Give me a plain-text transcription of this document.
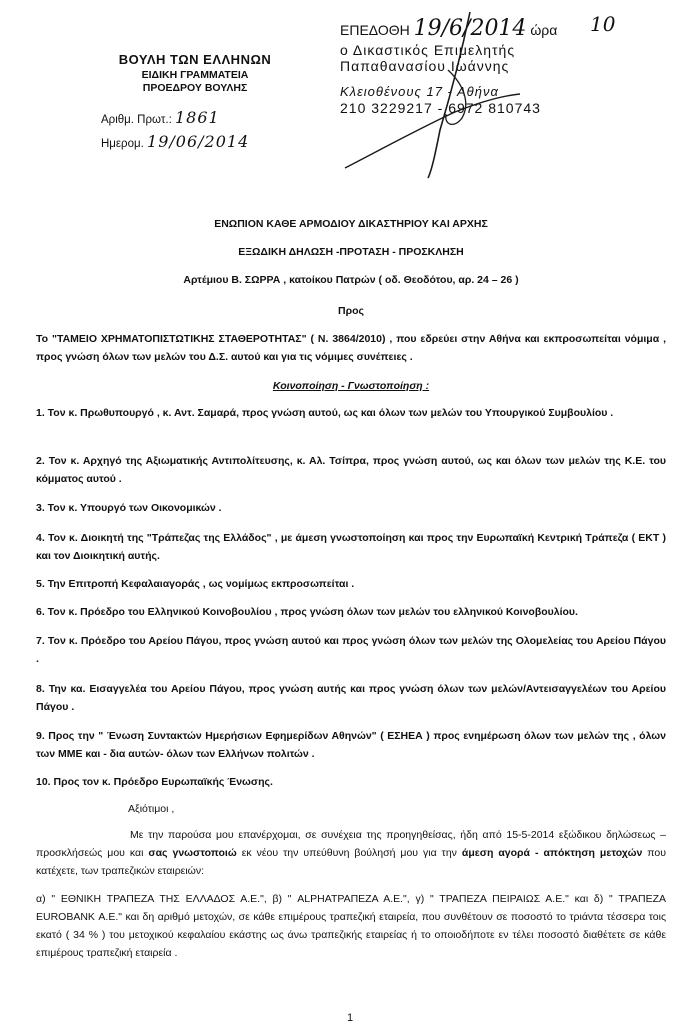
ΒΟΥΛΗ ΤΩΝ ΕΛΛΗΝΩΝ
ΕΙΔΙΚΗ ΓΡΑΜΜΑΤΕΙΑ
ΠΡΟΕΔΡΟΥ ΒΟΥΛΗΣ
Αριθμ. Πρωτ.: 1861
Ημερομ. 19/06/2014
ΕΠΕΔΟΘΗ 19/6/2014 ώρα
ο Δικαστικός Επιμελητής
Παπαθανασίου Ιωάννης
Κλειοθένους 17 - Αθήνα
210 3229217 - 6972 810743
10
ΕΝΩΠΙΟΝ ΚΑΘΕ ΑΡΜΟΔΙΟΥ ΔΙΚΑΣΤΗΡΙΟΥ ΚΑΙ ΑΡΧΗΣ
ΕΞΩΔΙΚΗ ΔΗΛΩΣΗ -ΠΡΟΤΑΣΗ - ΠΡΟΣΚΛΗΣΗ
Αρτέμιου Β. ΣΩΡΡΑ , κατοίκου Πατρών ( οδ. Θεοδότου, αρ. 24 – 26 )
Προς
Το "ΤΑΜΕΙΟ ΧΡΗΜΑΤΟΠΙΣΤΩΤΙΚΗΣ ΣΤΑΘΕΡΟΤΗΤΑΣ" ( Ν. 3864/2010) , που εδρεύει στην Αθήνα και εκπροσωπείται νόμιμα , προς γνώση όλων των μελών του Δ.Σ. αυτού και για τις νόμιμες συνέπειες .
Κοινοποίηση - Γνωστοποίηση :
1. Τον κ. Πρωθυπουργό , κ. Αντ. Σαμαρά, προς γνώση αυτού, ως και όλων των μελών του Υπουργικού Συμβουλίου .
2. Τον κ. Αρχηγό της Αξιωματικής Αντιπολίτευσης, κ. Αλ. Τσίπρα, προς γνώση αυτού, ως και όλων των μελών της Κ.Ε. του κόμματος αυτού .
3. Τον κ. Υπουργό των Οικονομικών .
4. Τον κ. Διοικητή της "Τράπεζας της Ελλάδος" , με άμεση γνωστοποίηση και προς την Ευρωπαϊκή Κεντρική Τράπεζα ( ΕΚΤ ) και τον Διοικητική αυτής.
5. Την Επιτροπή Κεφαλαιαγοράς , ως νομίμως εκπροσωπείται .
6. Τον κ. Πρόεδρο του Ελληνικού Κοινοβουλίου , προς γνώση όλων των μελών του ελληνικού Κοινοβουλίου.
7. Τον κ. Πρόεδρο του Αρείου Πάγου, προς γνώση αυτού και προς γνώση όλων των μελών της Ολομελείας του Αρείου Πάγου .
8. Την κα. Εισαγγελέα του Αρείου Πάγου, προς γνώση αυτής και προς γνώση όλων των μελών/Αντεισαγγελέων του Αρείου Πάγου .
9. Προς την " Ένωση Συντακτών Ημερήσιων Εφημερίδων Αθηνών" ( ΕΣΗΕΑ ) προς ενημέρωση όλων των μελών της , όλων των ΜΜΕ και - δια αυτών- όλων των Ελλήνων πολιτών .
10. Προς τον κ. Πρόεδρο Ευρωπαϊκής Ένωσης.
Αξιότιμοι ,
Με την παρούσα μου επανέρχομαι, σε συνέχεια της προηγηθείσας, ήδη από 15-5-2014 εξώδικου δηλώσεως – προσκλήσεώς μου και σας γνωστοποιώ εκ νέου την υπεύθυνη βούλησή μου για την άμεση αγορά - απόκτηση μετοχών που κατέχετε, των τραπεζικών εταιρειών:
α) " ΕΘΝΙΚΗ ΤΡΑΠΕΖΑ ΤΗΣ ΕΛΛΑΔΟΣ Α.Ε.", β) " ALPHATPAΠΕΖΑ Α.Ε.", γ) " ΤΡΑΠΕΖΑ ΠΕΙΡΑΙΩΣ Α.Ε." και δ) " ΤΡΑΠΕΖΑ EUROBANK Α.Ε." και δη αριθμό μετοχών, σε κάθε επιμέρους τραπεζική εταιρεία, που συνθέτουν σε ποσοστό το τριάντα τέσσερα τοις εκατό ( 34 % ) του μετοχικού κεφαλαίου εκάστης ως άνω τραπεζικής εταιρείας ή το οποιοδήποτε εν τέλει ποσοστό διαθέτετε σε κάθε επιμέρους τραπεζική εταιρεία .
1
